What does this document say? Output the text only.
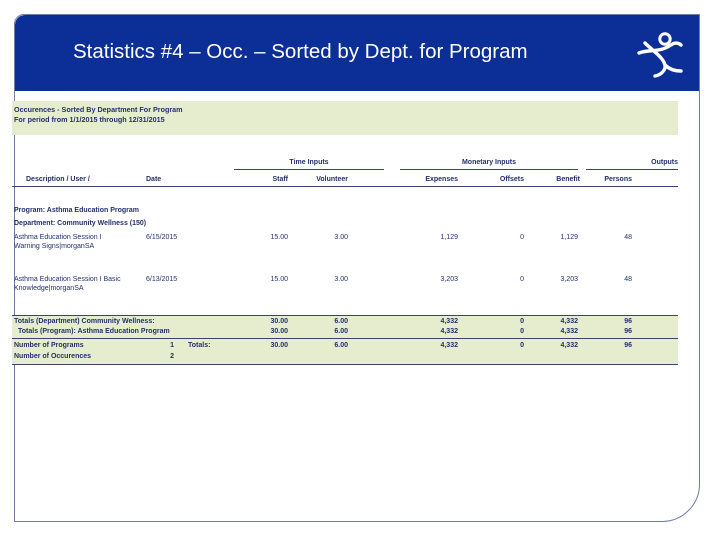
Statistics #4 – Occ. – Sorted by Dept. for Program
Occurences - Sorted By Department For Program
For period from 1/1/2015 through 12/31/2015
Time Inputs	Monetary Inputs	Outputs
Description / User /	Date	Staff	Volunteer	Expenses	Offsets	Benefit	Persons
Program: Asthma Education Program
Department: Community Wellness (150)
Asthma Education Session I
Warning Signs|morganSA
6/15/2015	15.00	3.00	1,129	0	1,129	48
Asthma Education Session I Basic
Knowledge|morganSA
6/13/2015	15.00	3.00	3,203	0	3,203	48
Totals (Department) Community Wellness:	30.00	6.00	4,332	0	4,332	96
Totals (Program): Asthma Education Program	30.00	6.00	4,332	0	4,332	96
Number of Programs	1 Totals:	30.00	6.00	4,332	0	4,332	96
Number of Occurences	2
